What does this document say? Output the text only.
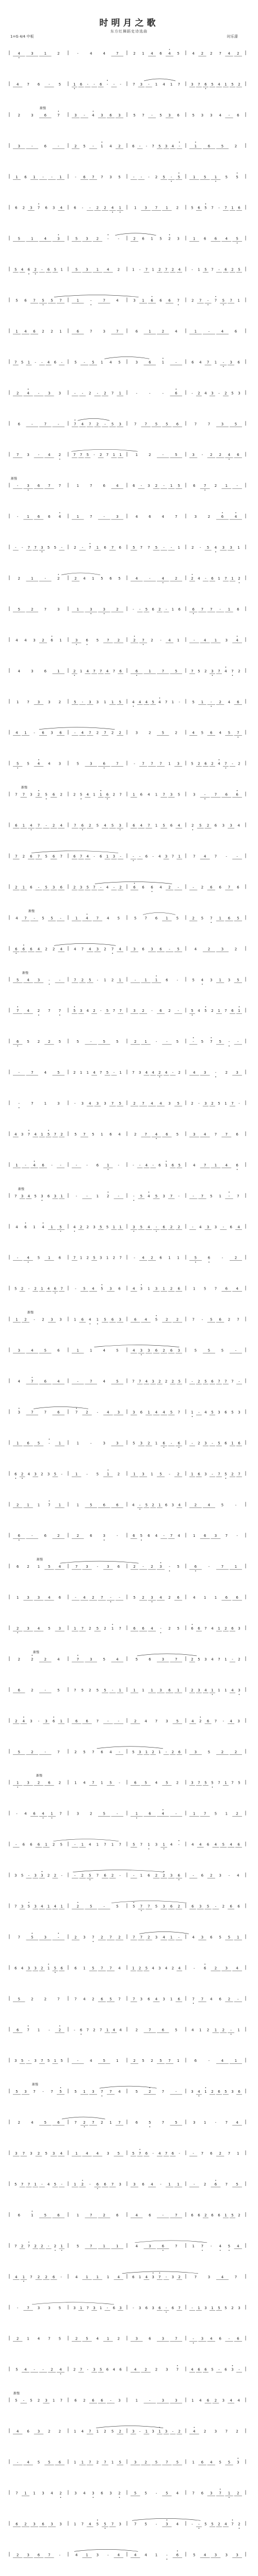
时明月之歌
东方红舞蹈史诗选曲
1=G 4/4 中板	时乐濛
4	3	1	2	-	4	4	7	2 1 4 6 4 5	4 2 2 7 4 2
4 7 6 - 5	1 6 - - 6 - - -	7 3 - 1 4 1 7	3 7 6 5 4 1 5 2
渐慢
2	3	6	7	3 - 4 3 6 3	5 7 - 5 3 6	5 3 3 4 - 6
3	-	6	-	2 5 - 1 4 2	6 - - 7 5 3 4 -	1	6	5	2
1 6 1 - - 1	- 6 7 7 3 5	- - - 2 5 - 5	1 5 1 5 5
6 2 3 7 6 3 4	6 - - 2 2 4 1	1 3 7 1 2	5 6 5 7 - 7 1 6
5	1	4	3	5 3 2 -	-	2 6 1 5 2 3	1 6 6 4 5
5 4 6 2 - 6 5 1	5 3 1 4 2	1 - 7 1 2 7 2 4	- 1 5 7 - 6 2 5
5 6 7 5 5 7	1	-	7	4	3 1 6 6 6 7	2 7 - 7 5 7 1
1 4 6 2 2 1	6	7	3	7	6	1	2	4	1	-	4	6
7 5 1 - - 4 6 -	5 - 5 1 4 5	3	6	1	-	6 4 7 1 - 3 6
2 4 - 3 3	- - 2 - 2 7 1	-	-	-	6	- 2 4 3 - 2 5 3
6	-	7	-	7 4 7 2 - 5 3	7 7 5 5 6	7	7	3	5
7 3 - 4 2	7 7 5 - 2 7 1 1	1	2	-	5	3 - 2 2 4 6
渐慢
- 3 6 7 7	1	7	6	4	6 - 3 2 - 1 5	6 7 2 1 -
- 1 6 6 4	1	7	-	3	4	6	4	7	3	2	6	4
- - 7 7 3 5 5 -	2 - 7 1 6 7 6	5 7 7 5 - - 1	2 - 5 4 3 3 1
2	1	-	2	2 4 1 5 6 5	4	-	4	2	2 4 - 6 1 7 1 2
5	2	7	3	1	3	3	2	- - 5 6 2 - 1 6	6 7 7 - 1 6
4 4 3 2 6 1	3 6 5 7 2	2 7 2 - 4 1	- 4 1 3 4
4	3	6	1	2 1 4 7 7 4 7 6	6	1	7	5	7 5 2 3 7 4 7 2
1 7 3 3 2	5 - 3 3 1 1 5	4 4 4 5 4 7 1 -	5 1 - 2 4 6
4 1 - 6 3 6	- 4 7 2 7 2 2	3	2	5	2	4 5 6 4 5 7
5 5 4 4 3	5	3	6	7	- 7 7 7 1 3	5 2 6 2 4 7 - 2
渐慢
7 7 3 2 5 6 2	2 5 4 1 1 6 2 7	1 6 4 1 7 3 5	3 - 7 6 6
6 1 4 7 - 2 4	7 6 2 5 4 5 3	6 4 7 1 5 6 4	2 5 2 6 3 3 4
7 2 6 7 5 6 7	6 7 4 - 6 1 3 -	- - 6 - 4 3 7 1	7 4 7 -	-
2 1 6 - 5 3 6	2 3 5 7 - 4 - 2	6 6 6 4 2 -	- 2 6 6 7 6
渐慢
4 7 - 5 5 -	1 4 7 4 5	5 7 6 1 5	2 5 7 1 6 5
6 6 6 4 2 2 4	4 7 4 3 2 7 4	3 6 3 6 - 5	4	2	3	2
渐慢
5 4 3 -	-	7 2 5 - 1 2 1	- 1 1 6 -	5 4 3 1 3 5
7 4 2 7 7	5 3 4 2 - 5 7 7	3 2 - 6 2 -	5 4 5 2 1 7 6 1
6 5 2 2 5	5	-	5	5	2 1 -	- 5	- 5 7 5 - -
-	7	4	5	2 1 1 4 7 5 - 1	7 3 4 4 2 4 - 2	4 3 - 2 3
-	7	1	3	- 3 4 3 3 7 5	2 7 4 4 3 5	2 - 3 2 5 1 7 -
4 3 7 4 1 5 7 2	5 7 5 1 6 4	2 7 4 6 5	3 4 7 7 6
1 - 4 6 - -	-	- 6 1 -	- - 4 - 6 1 6 5	4 7 1 4 6
渐慢
7 3 4 5 3 6 3 1	-	- 1 2 -	- 5 4 5 3 7 -	- 7 5 1 - 7
4 6 1 4 1 5	4 2 2 3 5 5 1 1	3 5 4 - 6 2 2	- 4 3 3 - 6 4
- 4 5 1 6	7 1 2 5 3 1 2 7	- 4 2 6 1 1	5	6	-	2
5 2 - 2 1 4 6 7	- 5 4 5 3 6	4 3 1 3 1 2 6	1 5 7 6 4
渐慢
1 2 - 2 3 3	1 6 4 1 5 6 3	6 4 5 2 2	7 - 5 6 2 7
3	4	5	6	1	1	4	5	4 3 3 6 2 6 3	5	5	5	-
4	7	6	4	-	7	4	5	7 7 4 3 2 2 2 5	- 2 5 6 7 7 7 -
3	7	7	6	7 2 - 4 3	3 6 1 4 4 5 7	1 - 4 5 3 6 5 3
1 6 5 - 1	1	-	3	3	5 3 2 1 6 - 6	- 2 3 - 5 6 1 6
6 2 4 3 2 3 5 -	1 - 5 1 2	1 3 1 5 - 2	1 6 3 - 7 5 2 7
2 1 1 7 1	1	5	6	6	4 - 5 2 1 6 3 4	2	4	5	-
6	-	6	2	2	6	3	-	6 5 6 4 - 7 4	1 6 3 7 -
渐慢
6 2 1 5 4	7 3 - 3 6	2 - 2 3 - 5	6	-	7	1
1 3 3 4 6	- 4 2 7 - -	5 2 3 4 2 6	4 1 1 6 6
2 3 4 5 3	1 7 2 5 2 1 7	6 6 4 - 2 5	6 6 7 4 1 2 6 3
渐慢
2	2	2	4	7	3	5	4	5	6	3	7	2 5 3 4 7 1 - 2
6	2	-	5	7 5 2 5 5 - 1	1 1 1 3 6 1	2 3 4 1 1 1 4 3
2 4 3 - 3 6 1	6 6 7 -	-	2 4 7 3 5	4 2 6 7 - 4 3
5	2	-	7	2 5 7 6 4 -	5 3 1 2 1 - 2 6	3	5	2	2
渐慢
1 3 2 6 2	1 4 7 1 5 -	6 5 4 5 2	3 7 5 5 7 1 7 5
- 4 6 4 1 7	3	2	5	-	1	6	4	-	1 7 5 1 2
- 6 6 6 1 2 5	- 1 4 1 7 1 7	5 7 1 3 1 4 -	4 4 6 4 5 4 6
3 5 - 3 3 2 2 -	- 2 5 7 6 2 -	- 1 6 2 2 3 6	- 6 2 3 - 4
7 3 5 3 4 1 4 1	2	5	-	5	5 7 7 5 3 6 2	6 3 5 - 2 6 6
7	5	3	-	2 3 7 2 7 2	7 7 2 3 4 1 -	4 3 6 5 5 1
6 4 3 3 2 1 5 6	6 1 5 7 7 4	1 2 5 4 3 4 2 4	- 6 2 3 4
5	2	2	7	7 4 2 6 5 7	7 3 6 4 3 1 6	7 7 4 6 2 -
6 7 1 - 2	- 6 7 2 7 1 4 4	2	7	6	5	4 1 2 1 2 - 1
3 5 - 3 7 5 1 5	-	4	5	1	2 5 2 5 7 1	6	-	4	1
渐慢
5 3 7 - 7 5	5 1 3 7 7 4	5	2	7	-	3 4 1 2 6 5 3 6
2	4	5	6	7 2 7 2 1 7	6	5	7	5	3 1 - 7 4
3 7 3 2 5 3 4	1 4 4 3 5	5 7 6 - 4 7 6 -	- 7 6 2 7 1
5 7 7 1 - 4 5 -	1 2 - 6 6 7 3	3 6 4 - 1 1	- 2 6 7 5
6	1	5	6	1	7	2	6	4	6	-	7	6 6 2 6 6 1 5 2
7 2 7 2 2 - 2 1	5	7	1	1	4	3	6	7	1 7 - 4 5 4
4 1 7 2 2 6 -	4 1 1 1 4	6 1 4 3 7 - 3 2	7	3	4	7
- 7 3 3 5	3 1 7 3 1 - 6 3	- 3 6 3 6 - 6 7	- 1 3 1 5 5 2 3
2 1 4 7 5	2 5 4 1 2	3	6	3	7	- 3 4 6 - 6
5 4 - - 2 4	2 7 - 3 5 6 4 6	4 2 2 3 7	4 6 6 5 - 6 3 -
渐慢
5 - 5 2 3 1 7	6 2 6 6 - 3	1	-	3	3	1 4 6 2 3 4 4
4 6 3 2 2	1 4 7 1 2 5 2	3 - 1 3 1 3 - 2	4 2 3 7 2
- 4 5 5 6	1 1 7 2 7 1 5	3 2 5 7 5	1 6 4 5 5 3
7 1 1 3 4 2	3 4 3 6 3 2	5 5 - 5 4	7 6 3 7 1 2
6 2 3 6 3 3	1 7 4 5 5 7 3	7 5 - 3 4	- - 5 5 2 4 7 2
2 3 6 7 -	4 1 3 - 4	4 4 1 - 6	5 4 3 3 3
